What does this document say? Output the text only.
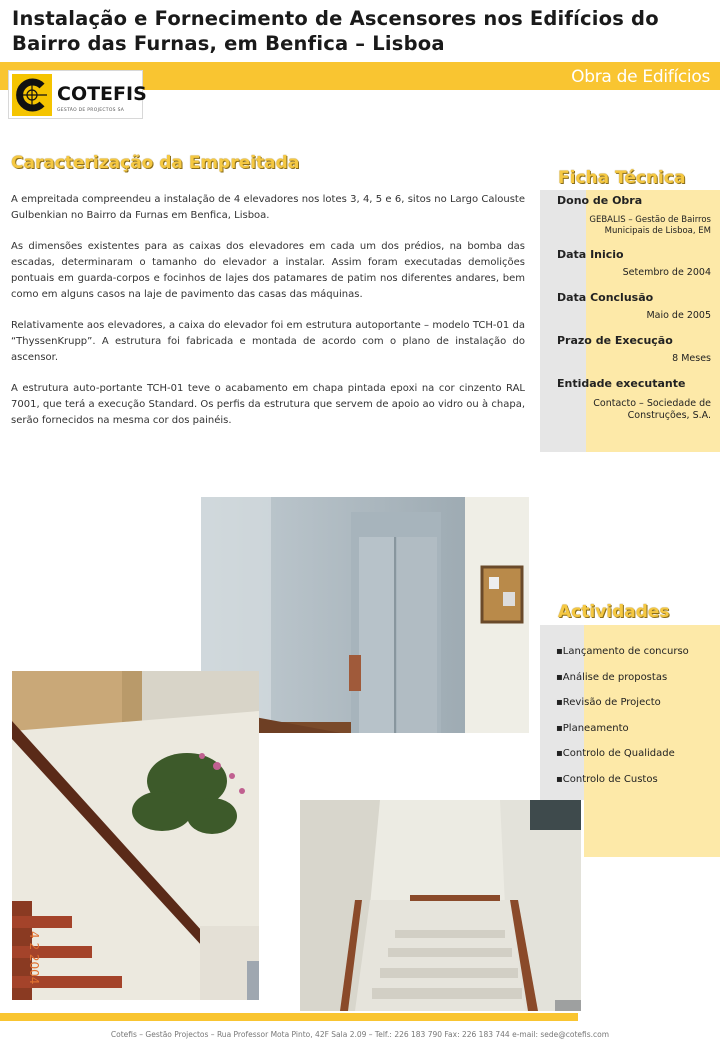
Instalação e Fornecimento de Ascensores nos Edifícios do
Bairro das Furnas, em Benfica – Lisboa
Obra de Edifícios
COTEFIS
GESTÃO DE PROJECTOS SA
Caracterização da Empreitada

A empreitada compreendeu a instalação de 4 elevadores nos lotes 3, 4, 5 e 6, sitos no Largo Calouste Gulbenkian no Bairro da Furnas em Benfica, Lisboa.

As dimensões existentes para as caixas dos elevadores em cada um dos prédios, na bomba das escadas, determinaram o tamanho do elevador a instalar. Assim foram executadas demolições pontuais em guarda-corpos e focinhos de lajes dos patamares de patim nos diferentes andares, bem como em alguns casos na laje de pavimento das casas das máquinas.

Relativamente aos elevadores, a caixa do elevador foi em estrutura autoportante – modelo TCH-01 da “ThyssenKrupp”. A estrutura foi fabricada e montada de acordo com o plano de instalação do ascensor.

A estrutura auto-portante TCH-01 teve o acabamento em chapa pintada epoxi na cor cinzento RAL 7001, que terá a execução Standard. Os perfis da estrutura que servem de apoio ao vidro ou à chapa, serão fornecidos na mesma cor dos painéis.

Ficha Técnica
Dono de Obra
GEBALIS – Gestão de Bairros
Municipais de Lisboa, EM
Data Inicio
Setembro de 2004
Data Conclusão
Maio de 2005
Prazo de Execução
8 Meses
Entidade executante
Contacto – Sociedade de
Construções, S.A.
Actividades
▪Lançamento de concurso
▪Análise de propostas
▪Revisão de Projecto
▪Planeamento
▪Controlo de Qualidade
▪Controlo de Custos
4 2 2004
Cotefis – Gestão Projectos – Rua Professor Mota Pinto, 42F Sala 2.09 – Telf.: 226 183 790 Fax: 226 183 744 e-mail: sede@cotefis.com
